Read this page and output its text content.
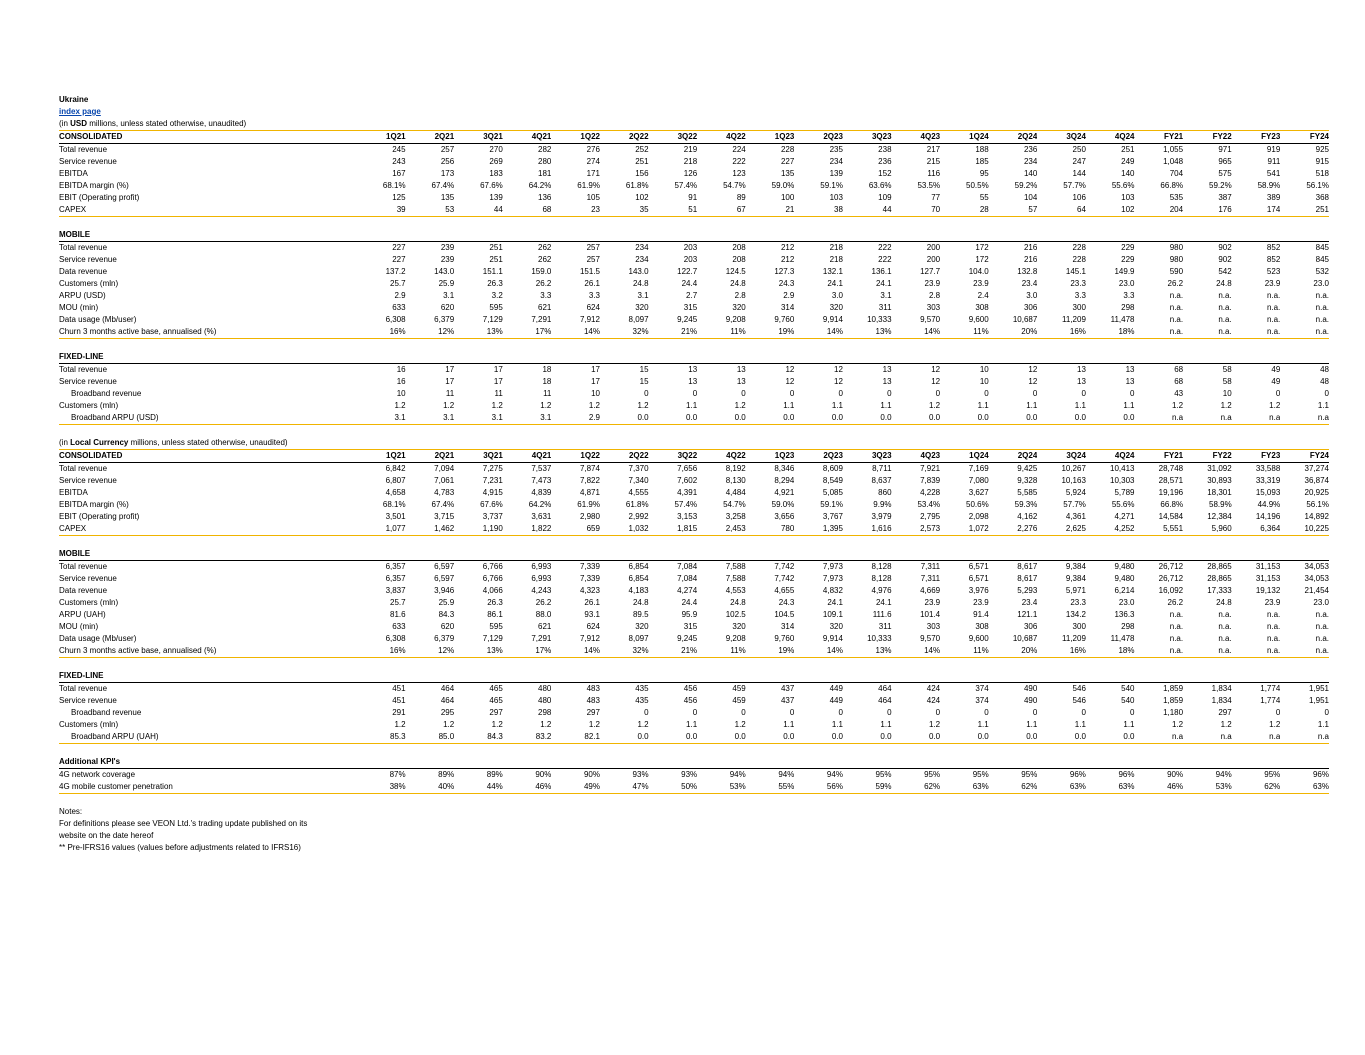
Ukraine
index page
(in USD millions, unless stated otherwise, unaudited)
CONSOLIDATED	1Q21	2Q21	3Q21	4Q21	1Q22	2Q22	3Q22	4Q22	1Q23	2Q23	3Q23	4Q23	1Q24	2Q24	3Q24	4Q24	FY21	FY22	FY23	FY24
Total revenue	245	257	270	282	276	252	219	224	228	235	238	217	188	236	250	251	1,055	971	919	925
Service revenue	243	256	269	280	274	251	218	222	227	234	236	215	185	234	247	249	1,048	965	911	915
EBITDA	167	173	183	181	171	156	126	123	135	139	152	116	95	140	144	140	704	575	541	518
EBITDA margin (%)	68.1%	67.4%	67.6%	64.2%	61.9%	61.8%	57.4%	54.7%	59.0%	59.1%	63.6%	53.5%	50.5%	59.2%	57.7%	55.6%	66.8%	59.2%	58.9%	56.1%
EBIT (Operating profit)	125	135	139	136	105	102	91	89	100	103	109	77	55	104	106	103	535	387	389	368
CAPEX	39	53	44	68	23	35	51	67	21	38	44	70	28	57	64	102	204	176	174	251
MOBILE																				
Total revenue	227	239	251	262	257	234	203	208	212	218	222	200	172	216	228	229	980	902	852	845
Service revenue	227	239	251	262	257	234	203	208	212	218	222	200	172	216	228	229	980	902	852	845
Data revenue	137.2	143.0	151.1	159.0	151.5	143.0	122.7	124.5	127.3	132.1	136.1	127.7	104.0	132.8	145.1	149.9	590	542	523	532
Customers (mln)	25.7	25.9	26.3	26.2	26.1	24.8	24.4	24.8	24.3	24.1	24.1	23.9	23.9	23.4	23.3	23.0	26.2	24.8	23.9	23.0
ARPU (USD)	2.9	3.1	3.2	3.3	3.3	3.1	2.7	2.8	2.9	3.0	3.1	2.8	2.4	3.0	3.3	3.3	n.a.	n.a.	n.a.	n.a.
MOU (min)	633	620	595	621	624	320	315	320	314	320	311	303	308	306	300	298	n.a.	n.a.	n.a.	n.a.
Data usage (Mb/user)	6,308	6,379	7,129	7,291	7,912	8,097	9,245	9,208	9,760	9,914	10,333	9,570	9,600	10,687	11,209	11,478	n.a.	n.a.	n.a.	n.a.
Churn 3 months active base, annualised (%)	16%	12%	13%	17%	14%	32%	21%	11%	19%	14%	13%	14%	11%	20%	16%	18%	n.a.	n.a.	n.a.	n.a.
FIXED-LINE																				
Total revenue	16	17	17	18	17	15	13	13	12	12	13	12	10	12	13	13	68	58	49	48
Service revenue	16	17	17	18	17	15	13	13	12	12	13	12	10	12	13	13	68	58	49	48
Broadband revenue	10	11	11	11	10	0	0	0	0	0	0	0	0	0	0	0	43	10	0	0
Customers (mln)	1.2	1.2	1.2	1.2	1.2	1.2	1.1	1.2	1.1	1.1	1.1	1.2	1.1	1.1	1.1	1.1	1.2	1.2	1.2	1.1
Broadband ARPU (USD)	3.1	3.1	3.1	3.1	2.9	0.0	0.0	0.0	0.0	0.0	0.0	0.0	0.0	0.0	0.0	0.0	n.a	n.a	n.a	n.a
(in Local Currency millions, unless stated otherwise, unaudited)
CONSOLIDATED	1Q21	2Q21	3Q21	4Q21	1Q22	2Q22	3Q22	4Q22	1Q23	2Q23	3Q23	4Q23	1Q24	2Q24	3Q24	4Q24	FY21	FY22	FY23	FY24
Total revenue	6,842	7,094	7,275	7,537	7,874	7,370	7,656	8,192	8,346	8,609	8,711	7,921	7,169	9,425	10,267	10,413	28,748	31,092	33,588	37,274
Service revenue	6,807	7,061	7,231	7,473	7,822	7,340	7,602	8,130	8,294	8,549	8,637	7,839	7,080	9,328	10,163	10,303	28,571	30,893	33,319	36,874
EBITDA	4,658	4,783	4,915	4,839	4,871	4,555	4,391	4,484	4,921	5,085	860	4,228	3,627	5,585	5,924	5,789	19,196	18,301	15,093	20,925
EBITDA margin (%)	68.1%	67.4%	67.6%	64.2%	61.9%	61.8%	57.4%	54.7%	59.0%	59.1%	9.9%	53.4%	50.6%	59.3%	57.7%	55.6%	66.8%	58.9%	44.9%	56.1%
EBIT (Operating profit)	3,501	3,715	3,737	3,631	2,980	2,992	3,153	3,258	3,656	3,767	3,979	2,795	2,098	4,162	4,361	4,271	14,584	12,384	14,196	14,892
CAPEX	1,077	1,462	1,190	1,822	659	1,032	1,815	2,453	780	1,395	1,616	2,573	1,072	2,276	2,625	4,252	5,551	5,960	6,364	10,225
MOBILE																				
Total revenue	6,357	6,597	6,766	6,993	7,339	6,854	7,084	7,588	7,742	7,973	8,128	7,311	6,571	8,617	9,384	9,480	26,712	28,865	31,153	34,053
Service revenue	6,357	6,597	6,766	6,993	7,339	6,854	7,084	7,588	7,742	7,973	8,128	7,311	6,571	8,617	9,384	9,480	26,712	28,865	31,153	34,053
Data revenue	3,837	3,946	4,066	4,243	4,323	4,183	4,274	4,553	4,655	4,832	4,976	4,669	3,976	5,293	5,971	6,214	16,092	17,333	19,132	21,454
Customers (mln)	25.7	25.9	26.3	26.2	26.1	24.8	24.4	24.8	24.3	24.1	24.1	23.9	23.9	23.4	23.3	23.0	26.2	24.8	23.9	23.0
ARPU (UAH)	81.6	84.3	86.1	88.0	93.1	89.5	95.9	102.5	104.5	109.1	111.6	101.4	91.4	121.1	134.2	136.3	n.a.	n.a.	n.a.	n.a.
MOU (min)	633	620	595	621	624	320	315	320	314	320	311	303	308	306	300	298	n.a.	n.a.	n.a.	n.a.
Data usage (Mb/user)	6,308	6,379	7,129	7,291	7,912	8,097	9,245	9,208	9,760	9,914	10,333	9,570	9,600	10,687	11,209	11,478	n.a.	n.a.	n.a.	n.a.
Churn 3 months active base, annualised (%)	16%	12%	13%	17%	14%	32%	21%	11%	19%	14%	13%	14%	11%	20%	16%	18%	n.a.	n.a.	n.a.	n.a.
FIXED-LINE																				
Total revenue	451	464	465	480	483	435	456	459	437	449	464	424	374	490	546	540	1,859	1,834	1,774	1,951
Service revenue	451	464	465	480	483	435	456	459	437	449	464	424	374	490	546	540	1,859	1,834	1,774	1,951
Broadband revenue	291	295	297	298	297	0	0	0	0	0	0	0	0	0	0	0	1,180	297	0	0
Customers (mln)	1.2	1.2	1.2	1.2	1.2	1.2	1.1	1.2	1.1	1.1	1.1	1.2	1.1	1.1	1.1	1.1	1.2	1.2	1.2	1.1
Broadband ARPU (UAH)	85.3	85.0	84.3	83.2	82.1	0.0	0.0	0.0	0.0	0.0	0.0	0.0	0.0	0.0	0.0	0.0	n.a	n.a	n.a	n.a
Additional KPI's																				
4G network coverage	87%	89%	89%	90%	90%	93%	93%	94%	94%	94%	95%	95%	95%	95%	96%	96%	90%	94%	95%	96%
4G mobile customer penetration	38%	40%	44%	46%	49%	47%	50%	53%	55%	56%	59%	62%	63%	62%	63%	63%	46%	53%	62%	63%
Notes:
For definitions please see VEON Ltd.'s trading update published on its
website on the date hereof
** Pre-IFRS16 values (values before adjustments related to IFRS16)
